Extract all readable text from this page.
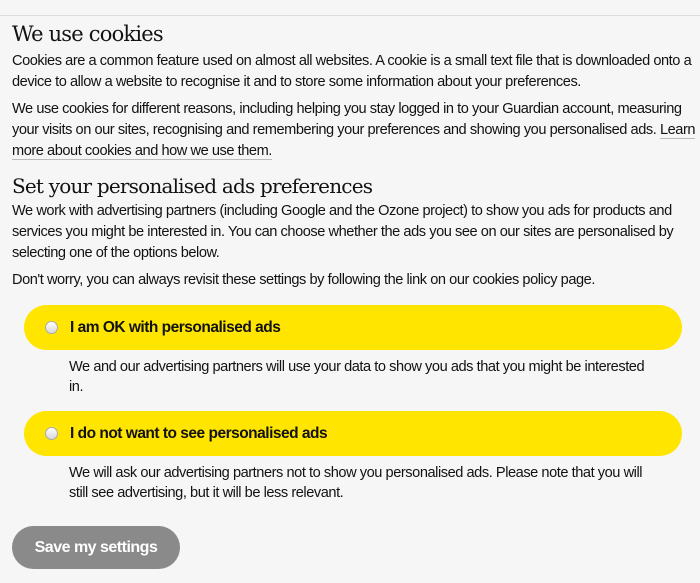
We use cookies

Cookies are a common feature used on almost all websites. A cookie is a small text file that is downloaded onto a device to allow a website to recognise it and to store some information about your preferences.

We use cookies for different reasons, including helping you stay logged in to your Guardian account, measuring your visits on our sites, recognising and remembering your preferences and showing you personalised ads. Learn more about cookies and how we use them.

Set your personalised ads preferences

We work with advertising partners (including Google and the Ozone project) to show you ads for products and services you might be interested in. You can choose whether the ads you see on our sites are personalised by selecting one of the options below.

Don't worry, you can always revisit these settings by following the link on our cookies policy page.

I am OK with personalised ads
We and our advertising partners will use your data to show you ads that you might be interested in.
I do not want to see personalised ads
We will ask our advertising partners not to show you personalised ads. Please note that you will still see advertising, but it will be less relevant.
Save my settings
